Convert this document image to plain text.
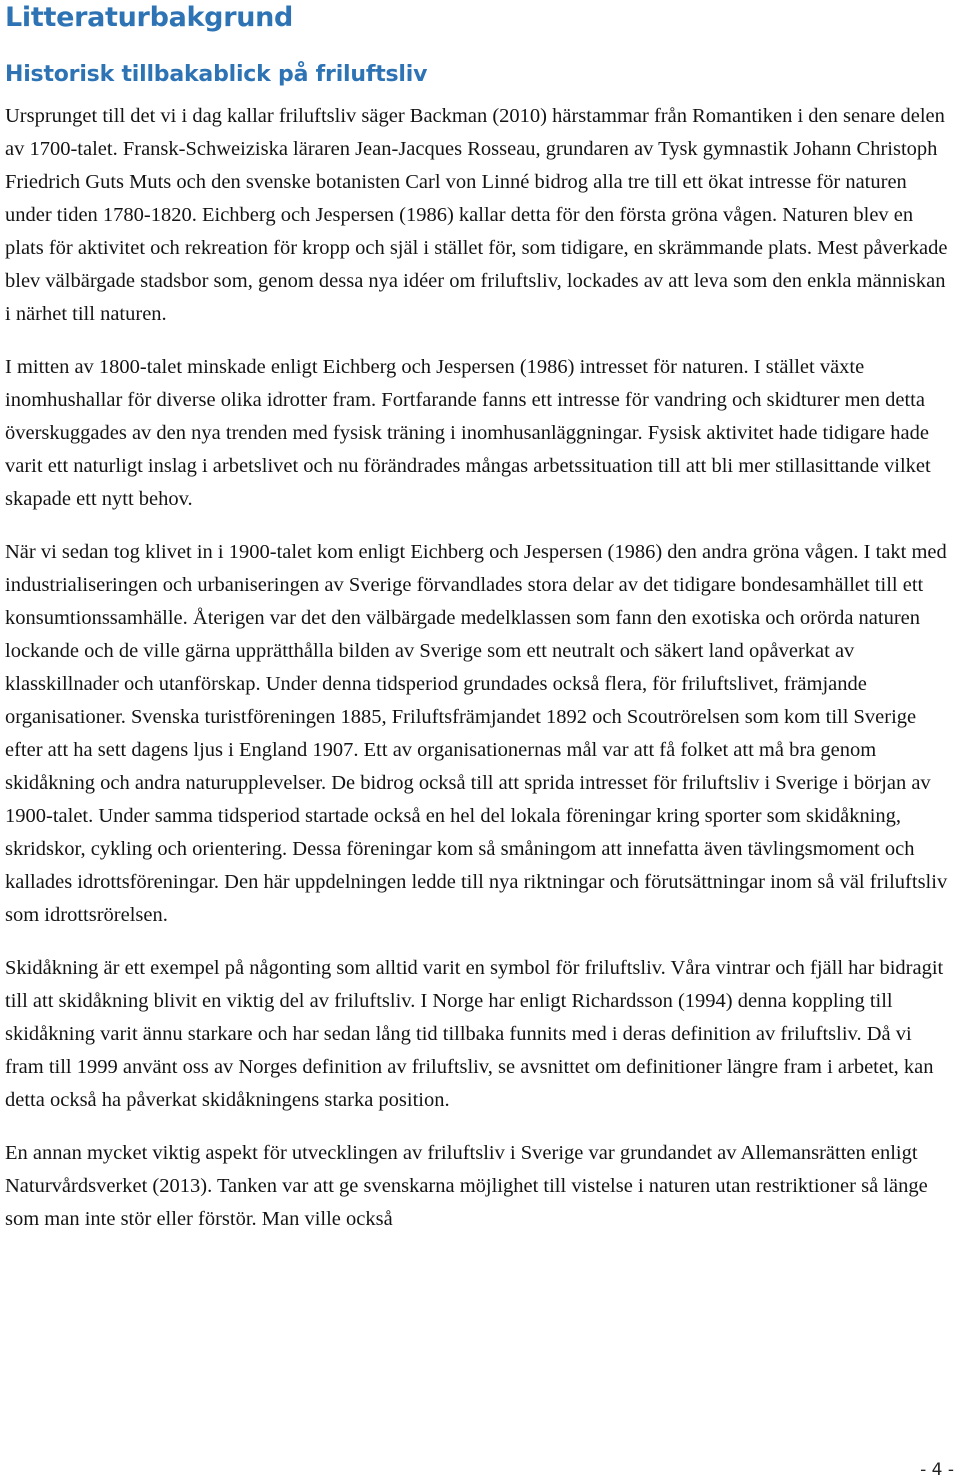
Litteraturbakgrund
Historisk tillbakablick på friluftsliv

Ursprunget till det vi i dag kallar friluftsliv säger Backman (2010) härstammar från Romantiken i den senare delen av 1700-talet. Fransk-Schweiziska läraren Jean-Jacques Rosseau, grundaren av Tysk gymnastik Johann Christoph Friedrich Guts Muts och den svenske botanisten Carl von Linné bidrog alla tre till ett ökat intresse för naturen under tiden 1780-1820. Eichberg och Jespersen (1986) kallar detta för den första gröna vågen. Naturen blev en plats för aktivitet och rekreation för kropp och själ i stället för, som tidigare, en skrämmande plats. Mest påverkade blev välbärgade stadsbor som, genom dessa nya idéer om friluftsliv, lockades av att leva som den enkla människan i närhet till naturen.

I mitten av 1800-talet minskade enligt Eichberg och Jespersen (1986) intresset för naturen. I stället växte inomhushallar för diverse olika idrotter fram. Fortfarande fanns ett intresse för vandring och skidturer men detta överskuggades av den nya trenden med fysisk träning i inomhusanläggningar. Fysisk aktivitet hade tidigare hade varit ett naturligt inslag i arbetslivet och nu förändrades mångas arbetssituation till att bli mer stillasittande vilket skapade ett nytt behov.

När vi sedan tog klivet in i 1900-talet kom enligt Eichberg och Jespersen (1986) den andra gröna vågen. I takt med industrialiseringen och urbaniseringen av Sverige förvandlades stora delar av det tidigare bondesamhället till ett konsumtionssamhälle. Återigen var det den välbärgade medelklassen som fann den exotiska och orörda naturen lockande och de ville gärna upprätthålla bilden av Sverige som ett neutralt och säkert land opåverkat av klasskillnader och utanförskap. Under denna tidsperiod grundades också flera, för friluftslivet, främjande organisationer. Svenska turistföreningen 1885, Friluftsfrämjandet 1892 och Scoutrörelsen som kom till Sverige efter att ha sett dagens ljus i England 1907. Ett av organisationernas mål var att få folket att må bra genom skidåkning och andra naturupplevelser. De bidrog också till att sprida intresset för friluftsliv i Sverige i början av 1900-talet. Under samma tidsperiod startade också en hel del lokala föreningar kring sporter som skidåkning, skridskor, cykling och orientering. Dessa föreningar kom så småningom att innefatta även tävlingsmoment och kallades idrottsföreningar. Den här uppdelningen ledde till nya riktningar och förutsättningar inom så väl friluftsliv som idrottsrörelsen.

Skidåkning är ett exempel på någonting som alltid varit en symbol för friluftsliv. Våra vintrar och fjäll har bidragit till att skidåkning blivit en viktig del av friluftsliv. I Norge har enligt Richardsson (1994) denna koppling till skidåkning varit ännu starkare och har sedan lång tid tillbaka funnits med i deras definition av friluftsliv. Då vi fram till 1999 använt oss av Norges definition av friluftsliv, se avsnittet om definitioner längre fram i arbetet, kan detta också ha påverkat skidåkningens starka position.

En annan mycket viktig aspekt för utvecklingen av friluftsliv i Sverige var grundandet av Allemansrätten enligt Naturvårdsverket (2013). Tanken var att ge svenskarna möjlighet till vistelse i naturen utan restriktioner så länge som man inte stör eller förstör. Man ville också

- 4 -
